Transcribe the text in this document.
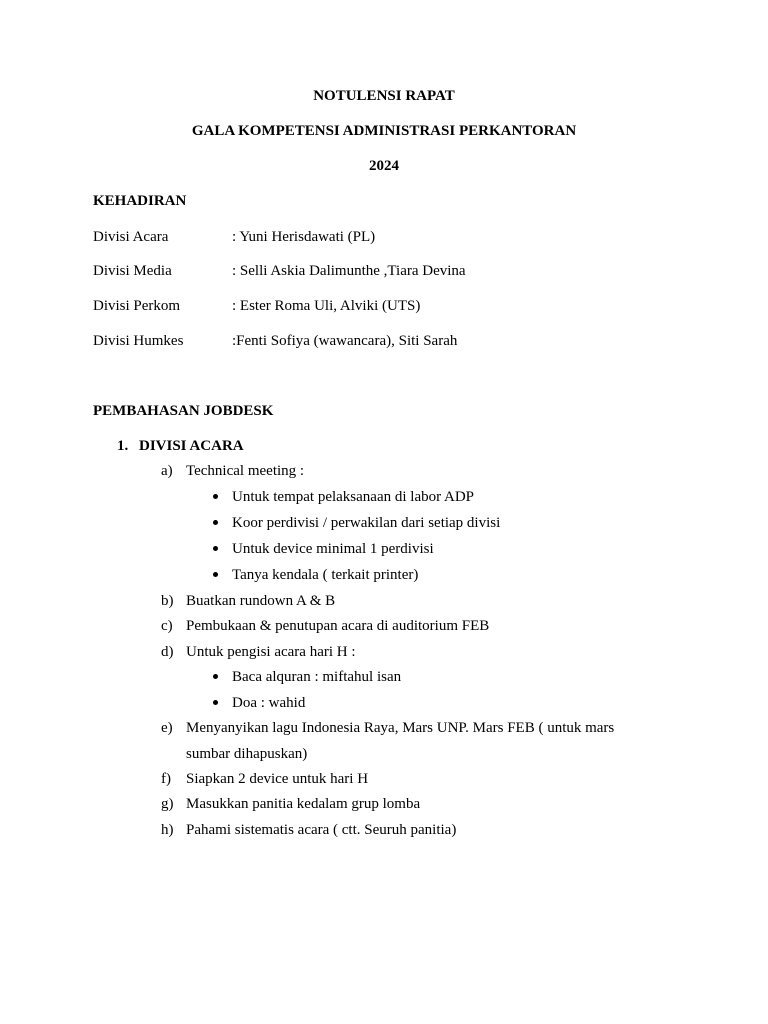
NOTULENSI RAPAT
GALA KOMPETENSI ADMINISTRASI PERKANTORAN
2024
KEHADIRAN
Divisi Acara	: Yuni Herisdawati (PL)
Divisi Media	: Selli Askia Dalimunthe ,Tiara Devina
Divisi Perkom	: Ester Roma Uli, Alviki (UTS)
Divisi Humkes	:Fenti Sofiya (wawancara), Siti Sarah
PEMBAHASAN JOBDESK
1. DIVISI ACARA
a) Technical meeting :
Untuk tempat pelaksanaan di labor ADP
Koor perdivisi / perwakilan dari setiap divisi
Untuk device minimal 1 perdivisi
Tanya kendala ( terkait printer)
b) Buatkan rundown A & B
c) Pembukaan & penutupan acara di auditorium FEB
d) Untuk pengisi acara hari H :
Baca alquran : miftahul isan
Doa : wahid
e) Menyanyikan lagu Indonesia Raya, Mars UNP. Mars FEB ( untuk mars
sumbar dihapuskan)
f) Siapkan 2 device untuk hari H
g) Masukkan panitia kedalam grup lomba
h) Pahami sistematis acara ( ctt. Seuruh panitia)
